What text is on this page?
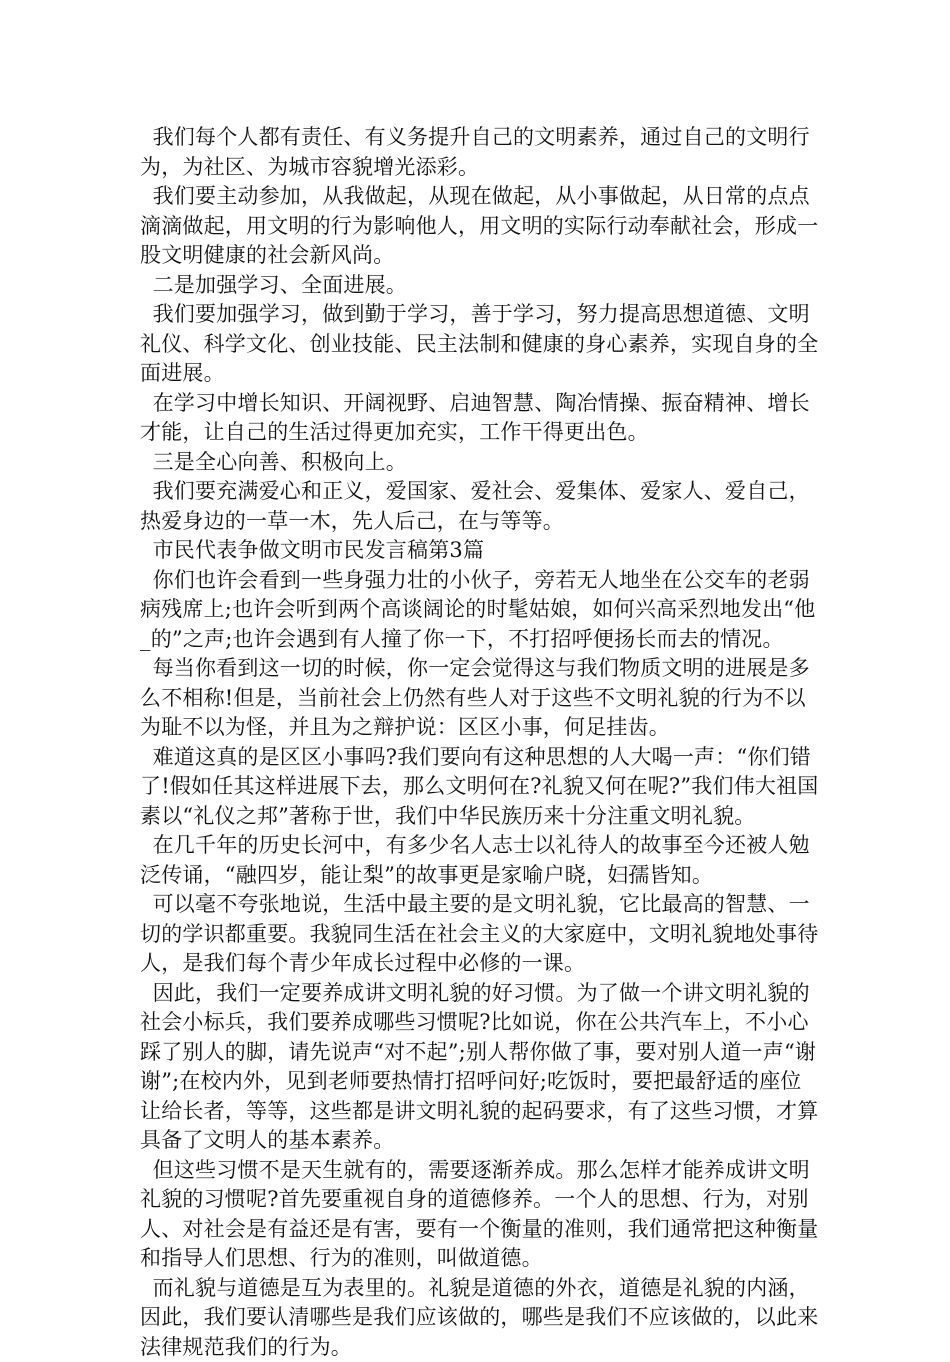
我们每个人都有责任、有义务提升自己的文明素养，通过自己的文明行为，为社区、为城市容貌增光添彩。

我们要主动参加，从我做起，从现在做起，从小事做起，从日常的点点滴滴做起，用文明的行为影响他人，用文明的实际行动奉献社会，形成一股文明健康的社会新风尚。

二是加强学习、全面进展。

我们要加强学习，做到勤于学习，善于学习，努力提高思想道德、文明礼仪、科学文化、创业技能、民主法制和健康的身心素养，实现自身的全面进展。

在学习中增长知识、开阔视野、启迪智慧、陶冶情操、振奋精神、增长才能，让自己的生活过得更加充实，工作干得更出色。

三是全心向善、积极向上。

我们要充满爱心和正义，爱国家、爱社会、爱集体、爱家人、爱自己，热爱身边的一草一木，先人后己，在与等等。

市民代表争做文明市民发言稿第3篇

你们也许会看到一些身强力壮的小伙子，旁若无人地坐在公交车的老弱病残席上;也许会听到两个高谈阔论的时髦姑娘，如何兴高采烈地发出“他_的”之声;也许会遇到有人撞了你一下，不打招呼便扬长而去的情况。

每当你看到这一切的时候，你一定会觉得这与我们物质文明的进展是多么不相称!但是，当前社会上仍然有些人对于这些不文明礼貌的行为不以为耻不以为怪，并且为之辩护说：区区小事，何足挂齿。

难道这真的是区区小事吗?我们要向有这种思想的人大喝一声：“你们错了!假如任其这样进展下去，那么文明何在?礼貌又何在呢?”我们伟大祖国素以“礼仪之邦”著称于世，我们中华民族历来十分注重文明礼貌。

在几千年的历史长河中，有多少名人志士以礼待人的故事至今还被人勉泛传诵，“融四岁，能让梨”的故事更是家喻户晓，妇孺皆知。

可以毫不夸张地说，生活中最主要的是文明礼貌，它比最高的智慧、一切的学识都重要。我貌同生活在社会主义的大家庭中，文明礼貌地处事待人，是我们每个青少年成长过程中必修的一课。

因此，我们一定要养成讲文明礼貌的好习惯。为了做一个讲文明礼貌的社会小标兵，我们要养成哪些习惯呢?比如说，你在公共汽车上，不小心踩了别人的脚，请先说声“对不起”;别人帮你做了事，要对别人道一声“谢谢”;在校内外，见到老师要热情打招呼问好;吃饭时，要把最舒适的座位让给长者，等等，这些都是讲文明礼貌的起码要求，有了这些习惯，才算具备了文明人的基本素养。

但这些习惯不是天生就有的，需要逐渐养成。那么怎样才能养成讲文明礼貌的习惯呢?首先要重视自身的道德修养。一个人的思想、行为，对别人、对社会是有益还是有害，要有一个衡量的准则，我们通常把这种衡量和指导人们思想、行为的准则，叫做道德。

而礼貌与道德是互为表里的。礼貌是道德的外衣，道德是礼貌的内涵，因此，我们要认清哪些是我们应该做的，哪些是我们不应该做的，以此来法律规范我们的行为。
